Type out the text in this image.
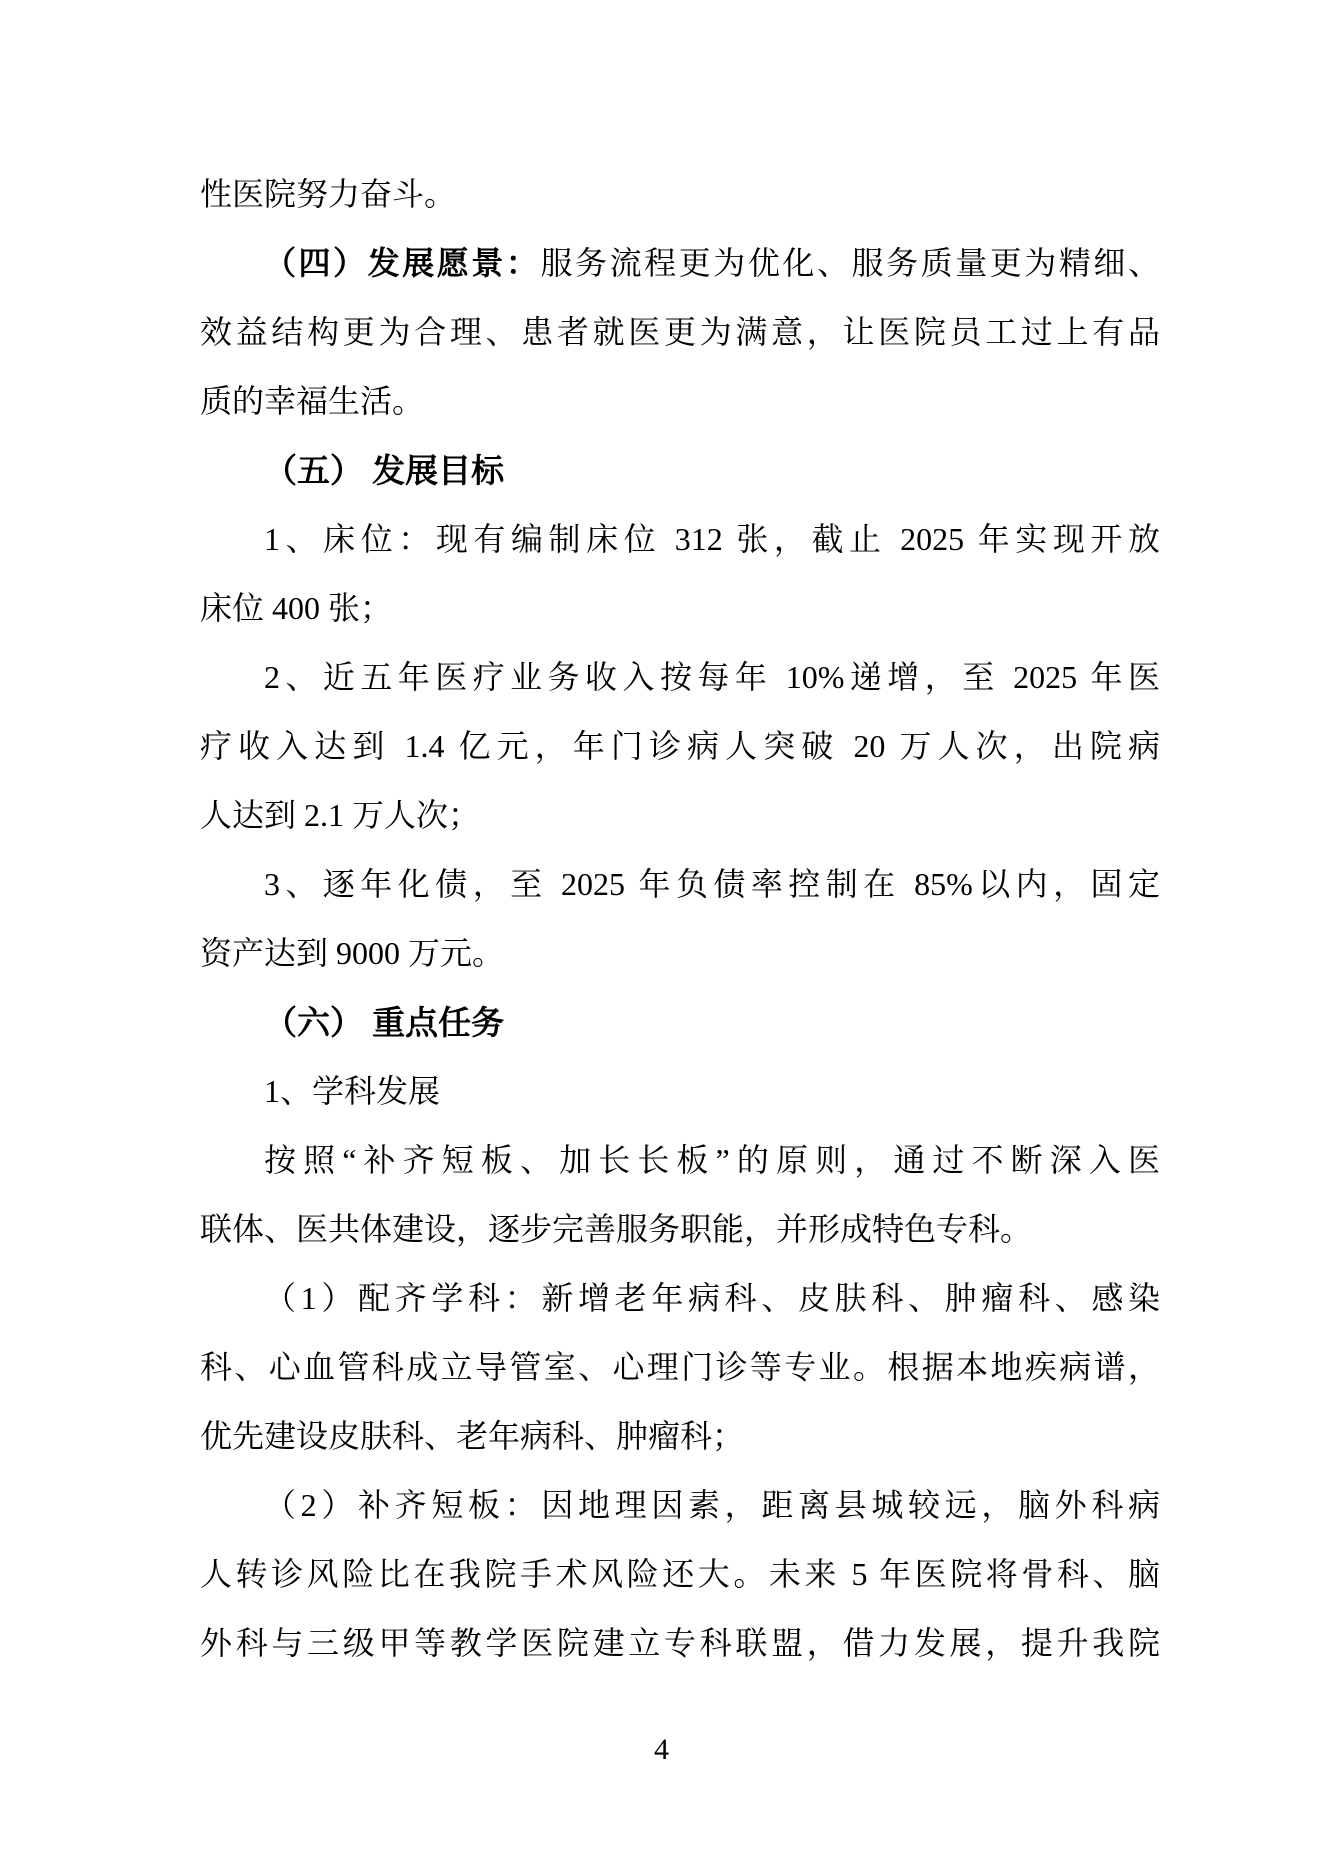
性医院努力奋斗。
（四）发展愿景：服务流程更为优化、服务质量更为精细、
效益结构更为合理、患者就医更为满意，让医院员工过上有品
质的幸福生活。
（五） 发展目标
1、床位：现有编制床位 312 张，截止 2025 年实现开放
床位 400 张；
2、近五年医疗业务收入按每年 10%递增，至 2025 年医
疗收入达到 1.4 亿元，年门诊病人突破 20 万人次，出院病
人达到 2.1 万人次；
3、逐年化债，至 2025 年负债率控制在 85%以内，固定
资产达到 9000 万元。
（六） 重点任务
1、学科发展
按照“补齐短板、加长长板”的原则，通过不断深入医
联体、医共体建设，逐步完善服务职能，并形成特色专科。
（1）配齐学科：新增老年病科、皮肤科、肿瘤科、感染
科、心血管科成立导管室、心理门诊等专业。根据本地疾病谱，
优先建设皮肤科、老年病科、肿瘤科；
（2）补齐短板：因地理因素，距离县城较远，脑外科病
人转诊风险比在我院手术风险还大。未来 5 年医院将骨科、脑
外科与三级甲等教学医院建立专科联盟，借力发展，提升我院
4
